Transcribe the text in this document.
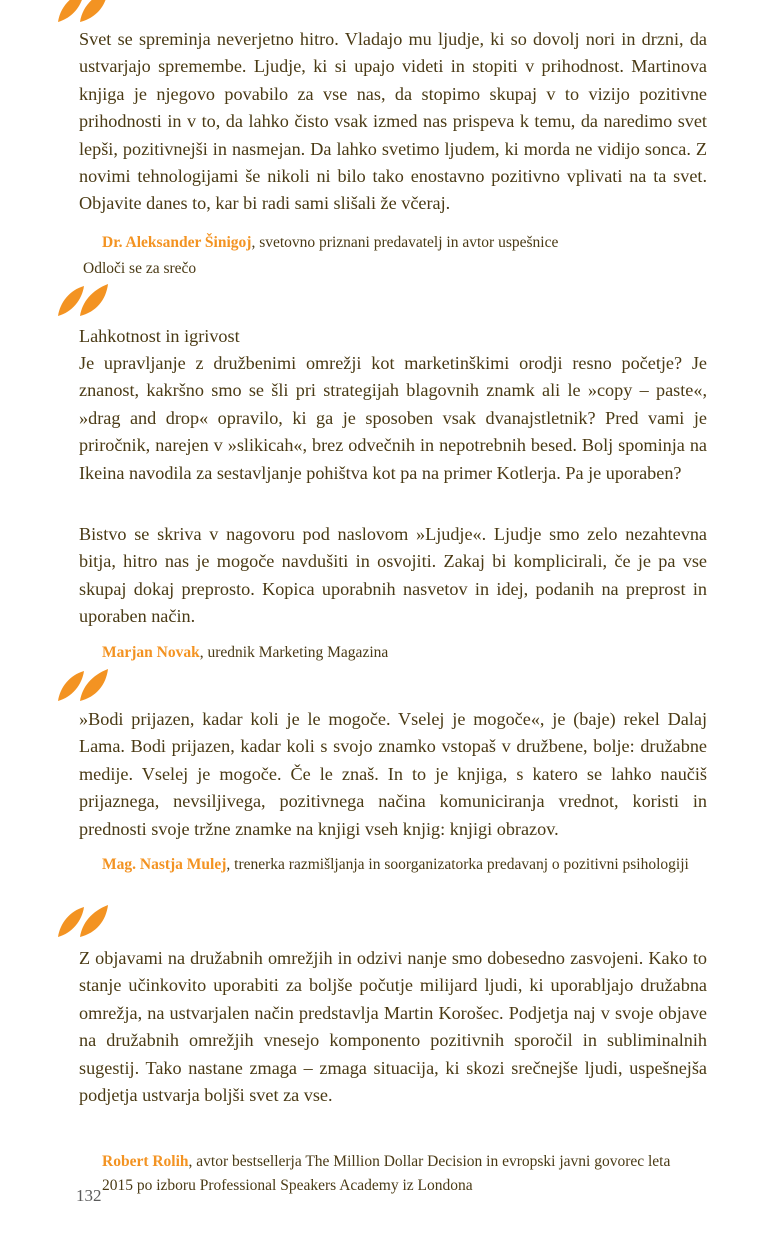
Svet se spreminja neverjetno hitro. Vladajo mu ljudje, ki so dovolj nori in drzni, da ustvarjajo spremembe. Ljudje, ki si upajo videti in stopiti v prihodnost. Martinova knjiga je njegovo povabilo za vse nas, da stopimo skupaj v to vizijo pozitivne prihodnosti in v to, da lahko čisto vsak izmed nas prispeva k temu, da naredimo svet lepši, pozitivnejši in nasmejan. Da lahko svetimo ljudem, ki morda ne vidijo sonca. Z novimi tehnologijami še nikoli ni bilo tako enostavno pozitivno vplivati na ta svet. Objavite danes to, kar bi radi sami slišali že včeraj.

Dr. Aleksander Šinigoj, svetovno priznani predavatelj in avtor uspešnice

Odloči se za srečo
Lahkotnost in igrivost

Je upravljanje z družbenimi omrežji kot marketinškimi orodji resno početje? Je znanost, kakršno smo se šli pri strategijah blagovnih znamk ali le »copy – paste«, »drag and drop« opravilo, ki ga je sposoben vsak dvanajstletnik? Pred vami je priročnik, narejen v »slikicah«, brez odvečnih in nepotrebnih besed. Bolj spominja na Ikeina navodila za sestavljanje pohištva kot pa na primer Kotlerja. Pa je uporaben?

Bistvo se skriva v nagovoru pod naslovom »Ljudje«. Ljudje smo zelo nezahtevna bitja, hitro nas je mogoče navdušiti in osvojiti. Zakaj bi komplicirali, če je pa vse skupaj dokaj preprosto. Kopica uporabnih nasvetov in idej, podanih na preprost in uporaben način.

Marjan Novak, urednik Marketing Magazina

»Bodi prijazen, kadar koli je le mogoče. Vselej je mogoče«, je (baje) rekel Dalaj Lama. Bodi prijazen, kadar koli s svojo znamko vstopaš v družbene, bolje: družabne medije. Vselej je mogoče. Če le znaš. In to je knjiga, s katero se lahko naučiš prijaznega, nevsiljivega, pozitivnega načina komuniciranja vrednot, koristi in prednosti svoje tržne znamke na knjigi vseh knjig: knjigi obrazov.

Mag. Nastja Mulej, trenerka razmišljanja in soorganizatorka predavanj o pozitivni psihologiji

Z objavami na družabnih omrežjih in odzivi nanje smo dobesedno zasvojeni. Kako to stanje učinkovito uporabiti za boljše počutje milijard ljudi, ki uporabljajo družabna omrežja, na ustvarjalen način predstavlja Martin Korošec. Podjetja naj v svoje objave na družabnih omrežjih vnesejo komponento pozitivnih sporočil in subliminalnih sugestij. Tako nastane zmaga – zmaga situacija, ki skozi srečnejše ljudi, uspešnejša podjetja ustvarja boljši svet za vse.

Robert Rolih, avtor bestsellerja The Million Dollar Decision in evropski javni govorec leta 2015 po izboru Professional Speakers Academy iz Londona

132
